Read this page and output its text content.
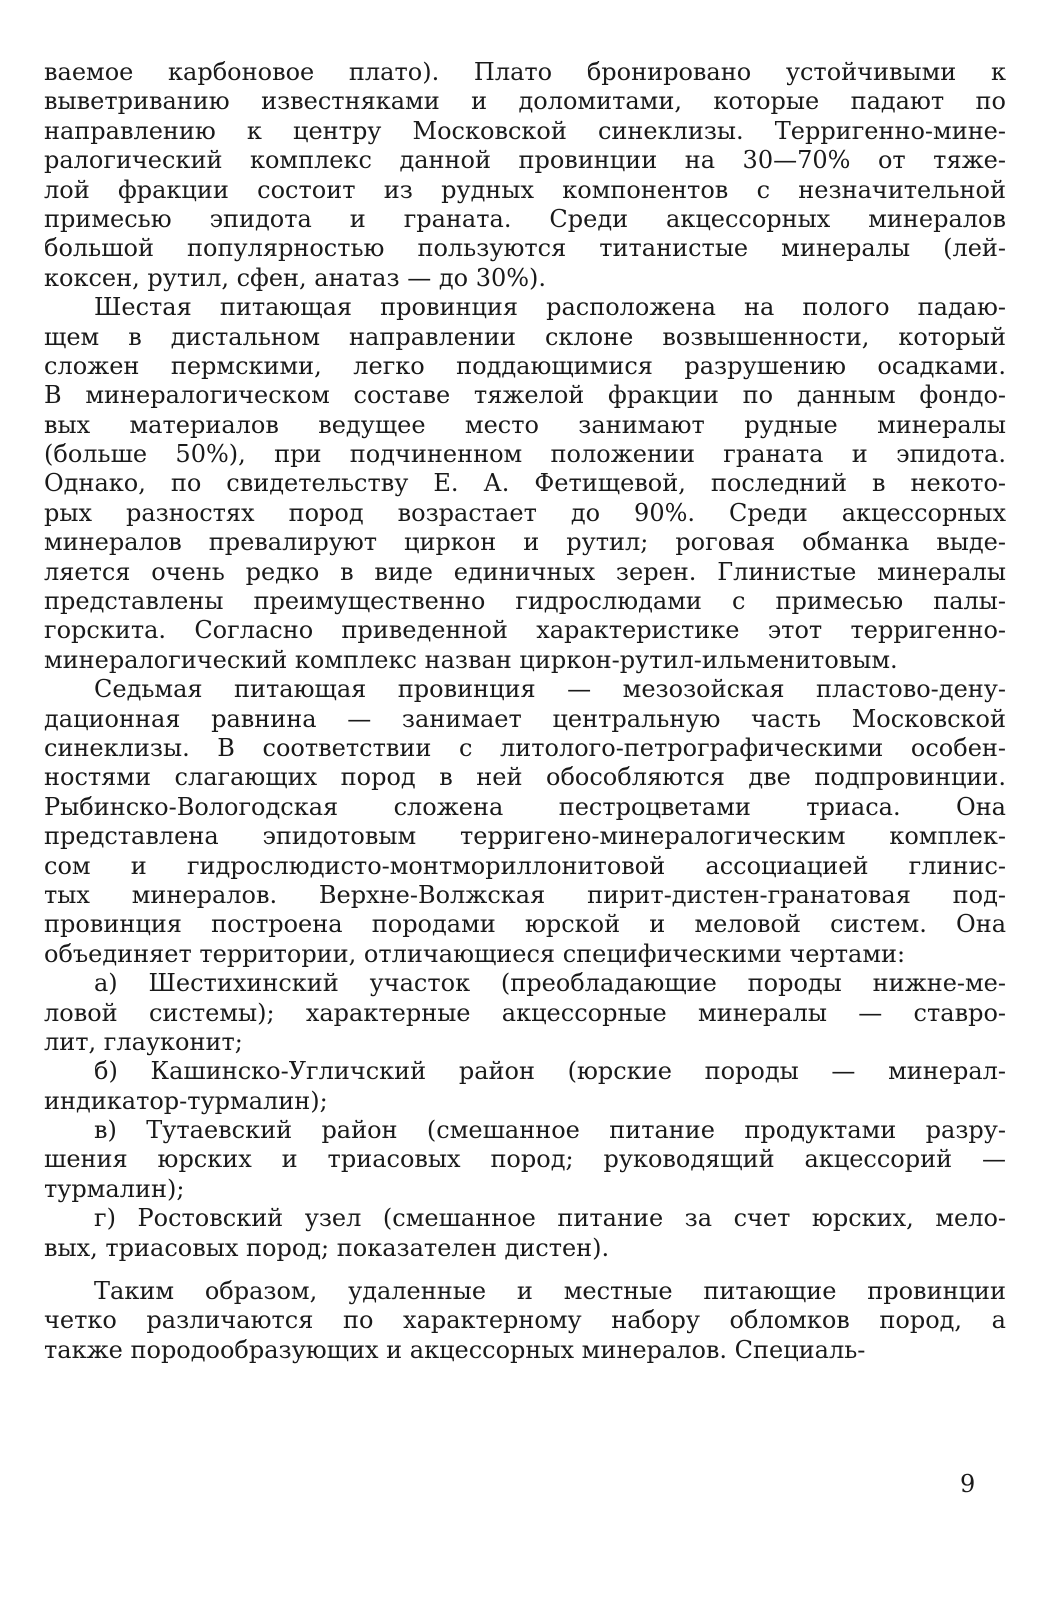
ваемое карбоновое плато). Плато бронировано устойчивыми к
выветриванию известняками и доломитами, которые падают по
направлению к центру Московской синеклизы. Терригенно-мине-
ралогический комплекс данной провинции на 30—70% от тяже-
лой фракции состоит из рудных компонентов с незначительной
примесью эпидота и граната. Среди акцессорных минералов
большой популярностью пользуются титанистые минералы (лей-
коксен, рутил, сфен, анатаз — до 30%).
Шестая питающая провинция расположена на полого падаю-
щем в дистальном направлении склоне возвышенности, который
сложен пермскими, легко поддающимися разрушению осадками.
В минералогическом составе тяжелой фракции по данным фондо-
вых материалов ведущее место занимают рудные минералы
(больше 50%), при подчиненном положении граната и эпидота.
Однако, по свидетельству Е. А. Фетищевой, последний в некото-
рых разностях пород возрастает до 90%. Среди акцессорных
минералов превалируют циркон и рутил; роговая обманка выде-
ляется очень редко в виде единичных зерен. Глинистые минералы
представлены преимущественно гидрослюдами с примесью палы-
горскита. Согласно приведенной характеристике этот терригенно-
минералогический комплекс назван циркон-рутил-ильменитовым.
Седьмая питающая провинция — мезозойская пластово-дену-
дационная равнина — занимает центральную часть Московской
синеклизы. В соответствии с литолого-петрографическими особен-
ностями слагающих пород в ней обособляются две подпровинции.
Рыбинско-Вологодская сложена пестроцветами триаса. Она
представлена эпидотовым терригено-минералогическим комплек-
сом и гидрослюдисто-монтмориллонитовой ассоциацией глинис-
тых минералов. Верхне-Волжская пирит-дистен-гранатовая под-
провинция построена породами юрской и меловой систем. Она
объединяет территории, отличающиеся специфическими чертами:
а) Шестихинский участок (преобладающие породы нижне-ме-
ловой системы); характерные акцессорные минералы — ставро-
лит, глауконит;
б) Кашинско-Угличский район (юрские породы — минерал-
индикатор-турмалин);
в) Тутаевский район (смешанное питание продуктами разру-
шения юрских и триасовых пород; руководящий акцессорий —
турмалин);
г) Ростовский узел (смешанное питание за счет юрских, мело-
вых, триасовых пород; показателен дистен).
Таким образом, удаленные и местные питающие провинции
четко различаются по характерному набору обломков пород, а
также породообразующих и акцессорных минералов. Специаль-
9
